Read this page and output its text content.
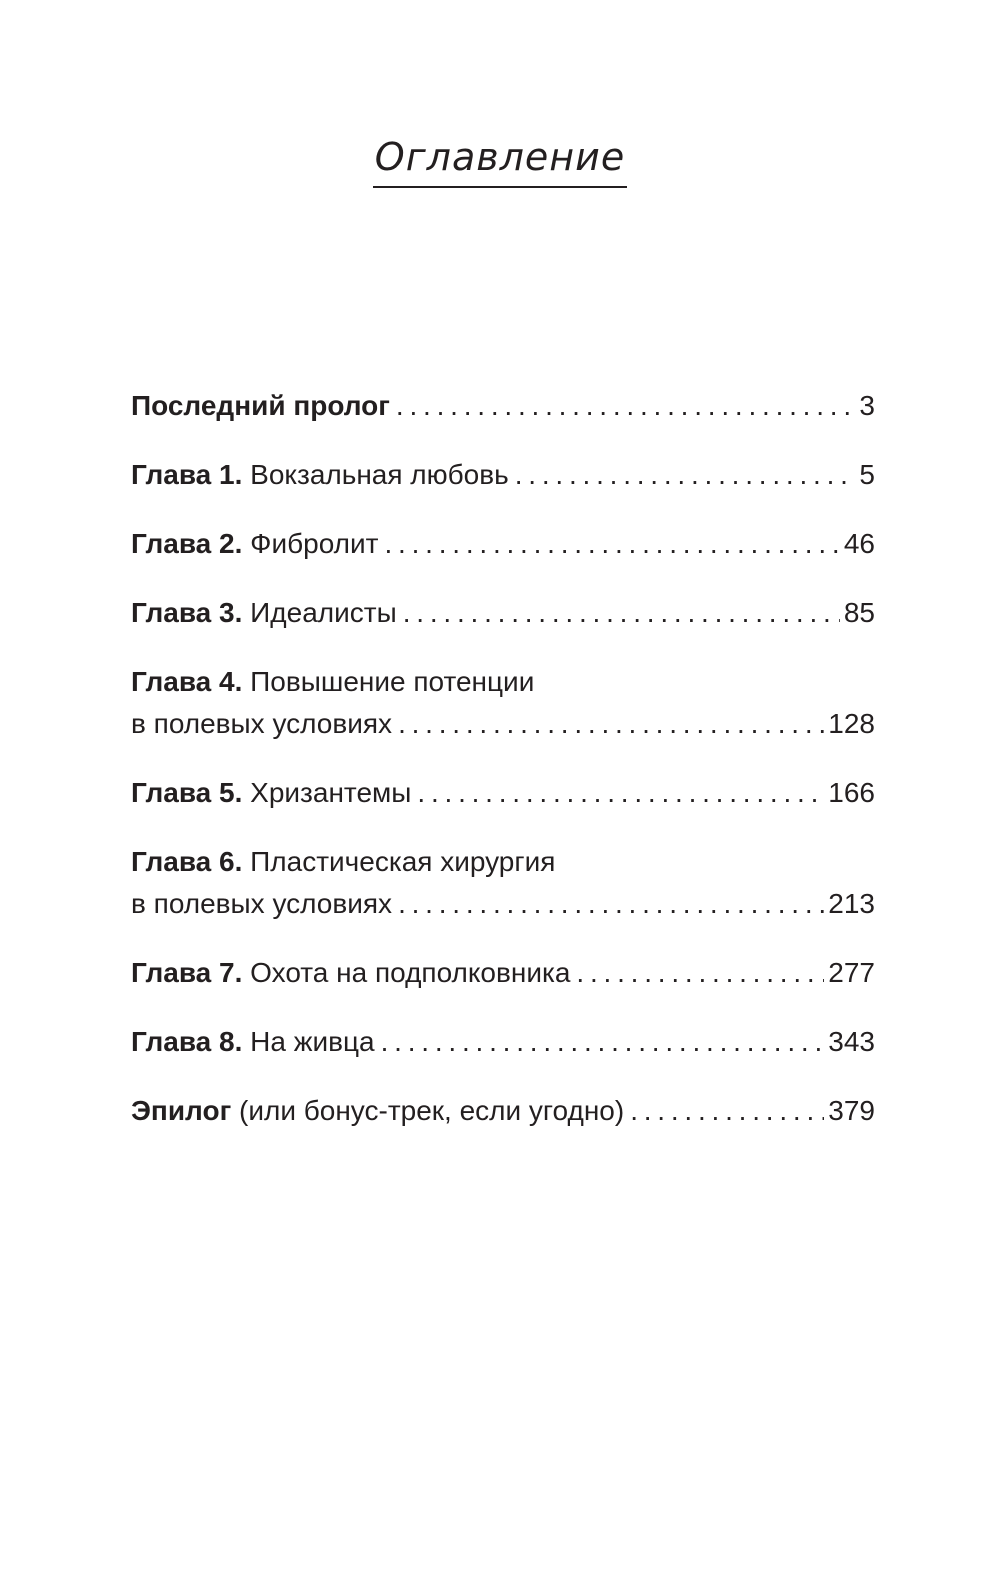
Оглавление
Последний пролог . . .	3
Глава 1. Вокзальная любовь . . .	5
Глава 2. Фибролит . . .	46
Глава 3. Идеалисты . . .	85
Глава 4. Повышение потенции
в полевых условиях . . .	128
Глава 5. Хризантемы . . .	166
Глава 6. Пластическая хирургия
в полевых условиях . . .	213
Глава 7. Охота на подполковника . . .	277
Глава 8. На живца . . .	343
Эпилог (или бонус-трек, если угодно) . . .	379
